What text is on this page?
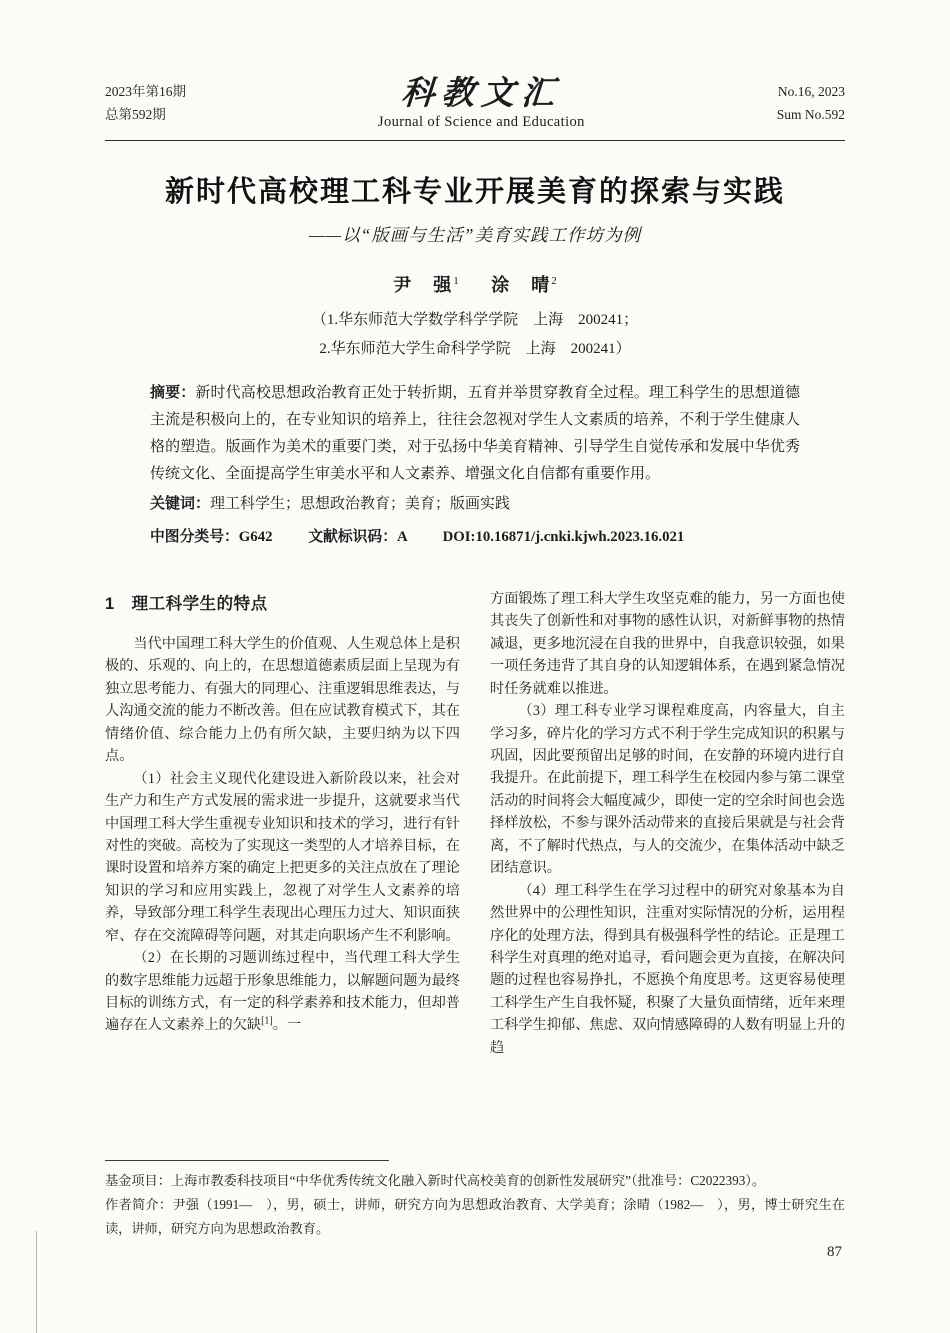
2023年第16期
总第592期
科教文汇
Journal of Science and Education
No.16, 2023
Sum No.592
新时代高校理工科专业开展美育的探索与实践
——以“版画与生活”美育实践工作坊为例
尹　强$^1$ 涂　晴$^2$
（1.华东师范大学数学科学学院　上海　200241；
2.华东师范大学生命科学学院　上海　200241）
摘要：新时代高校思想政治教育正处于转折期，五育并举贯穿教育全过程。理工科学生的思想道德主流是积极向上的，在专业知识的培养上，往往会忽视对学生人文素质的培养，不利于学生健康人格的塑造。版画作为美术的重要门类，对于弘扬中华美育精神、引导学生自觉传承和发展中华优秀传统文化、全面提高学生审美水平和人文素养、增强文化自信都有重要作用。
关键词：理工科学生；思想政治教育；美育；版画实践
中图分类号：G642 文献标识码：A DOI:10.16871/j.cnki.kjwh.2023.16.021
1　理工科学生的特点

当代中国理工科大学生的价值观、人生观总体上是积极的、乐观的、向上的，在思想道德素质层面上呈现为有独立思考能力、有强大的同理心、注重逻辑思维表达，与人沟通交流的能力不断改善。但在应试教育模式下，其在情绪价值、综合能力上仍有所欠缺，主要归纳为以下四点。

（1）社会主义现代化建设进入新阶段以来，社会对生产力和生产方式发展的需求进一步提升，这就要求当代中国理工科大学生重视专业知识和技术的学习，进行有针对性的突破。高校为了实现这一类型的人才培养目标，在课时设置和培养方案的确定上把更多的关注点放在了理论知识的学习和应用实践上，忽视了对学生人文素养的培养，导致部分理工科学生表现出心理压力过大、知识面狭窄、存在交流障碍等问题，对其走向职场产生不利影响。

（2）在长期的习题训练过程中，当代理工科大学生的数字思维能力远超于形象思维能力，以解题问题为最终目标的训练方式，有一定的科学素养和技术能力，但却普遍存在人文素养上的欠缺[1]。一

方面锻炼了理工科大学生攻坚克难的能力，另一方面也使其丧失了创新性和对事物的感性认识，对新鲜事物的热情减退，更多地沉浸在自我的世界中，自我意识较强，如果一项任务违背了其自身的认知逻辑体系，在遇到紧急情况时任务就难以推进。

（3）理工科专业学习课程难度高，内容量大，自主学习多，碎片化的学习方式不利于学生完成知识的积累与巩固，因此要预留出足够的时间，在安静的环境内进行自我提升。在此前提下，理工科学生在校园内参与第二课堂活动的时间将会大幅度减少，即使一定的空余时间也会选择样放松，不参与课外活动带来的直接后果就是与社会背离，不了解时代热点，与人的交流少，在集体活动中缺乏团结意识。

（4）理工科学生在学习过程中的研究对象基本为自然世界中的公理性知识，注重对实际情况的分析，运用程序化的处理方法，得到具有极强科学性的结论。正是理工科学生对真理的绝对追寻，看问题会更为直接，在解决问题的过程也容易挣扎，不愿换个角度思考。这更容易使理工科学生产生自我怀疑，积聚了大量负面情绪，近年来理工科学生抑郁、焦虑、双向情感障碍的人数有明显上升的趋

基金项目：上海市教委科技项目“中华优秀传统文化融入新时代高校美育的创新性发展研究”（批准号：C2022393）。

作者简介：尹强（1991—　），男，硕士，讲师，研究方向为思想政治教育、大学美育；涂晴（1982—　），男，博士研究生在读，讲师，研究方向为思想政治教育。

87
